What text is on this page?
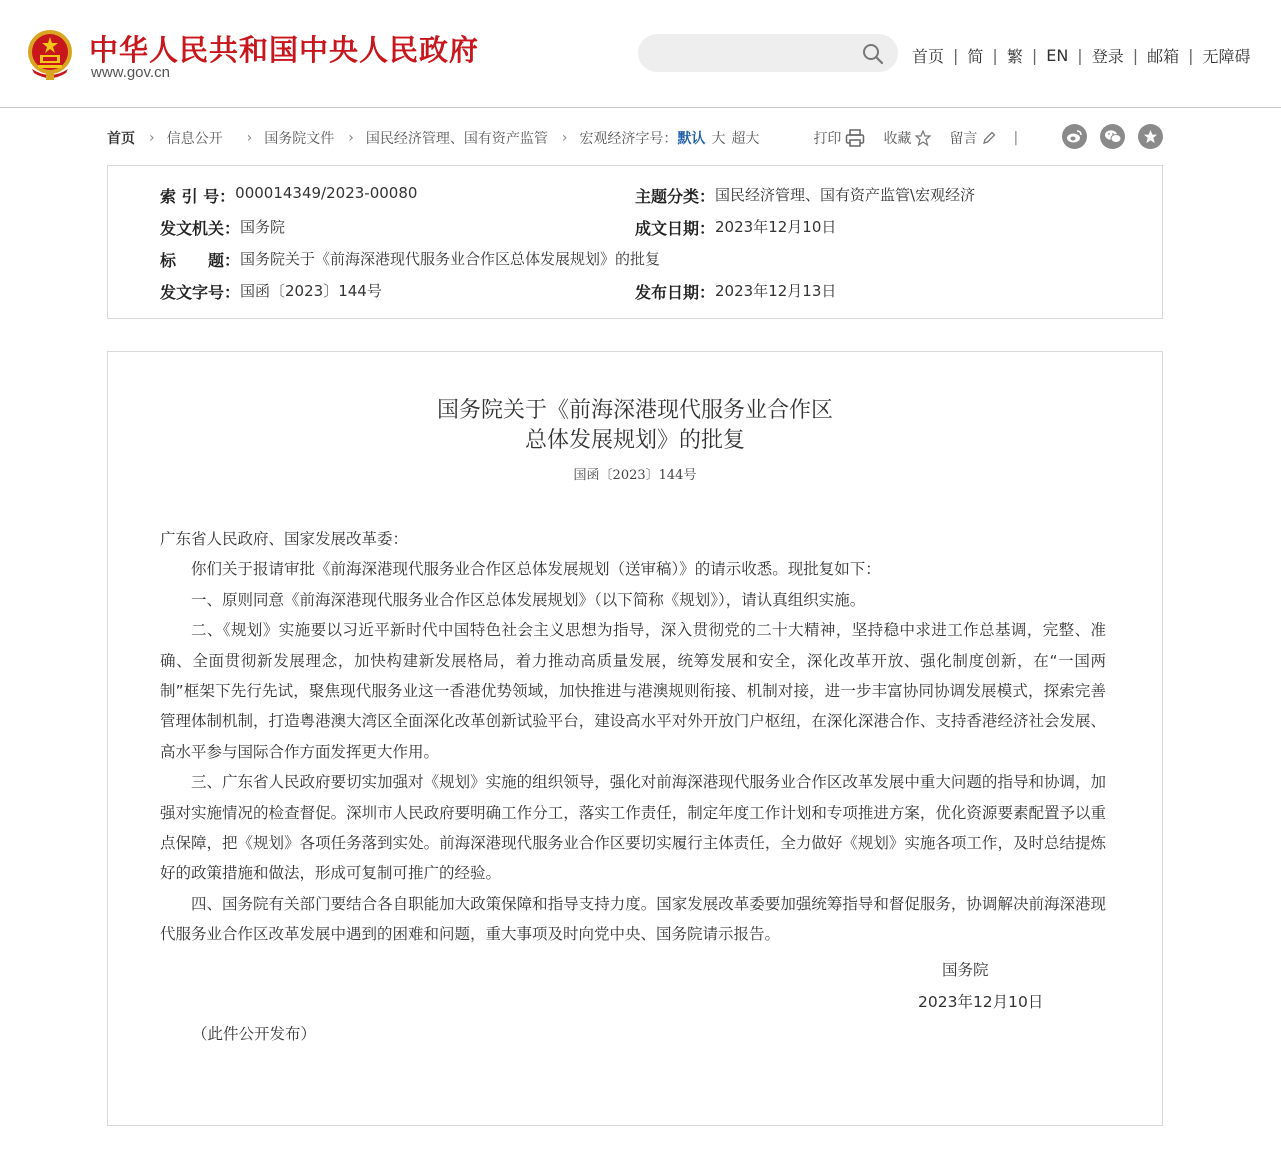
中华人民共和国中央人民政府
www.gov.cn
首页 | 简 | 繁 | EN | 登录 | 邮箱 | 无障碍
首页 › 信息公开 › 国务院文件 › 国民经济管理、国有资产监管 › 宏观经济 字号： 默认 大 超大	打印	收藏	留言	|
索 引 号： 000014349/2023-00080	主题分类： 国民经济管理、国有资产监管\宏观经济
发文机关： 国务院	成文日期： 2023年12月10日
标　　题： 国务院关于《前海深港现代服务业合作区总体发展规划》的批复
发文字号： 国函〔2023〕144号	发布日期： 2023年12月13日
国务院关于《前海深港现代服务业合作区
总体发展规划》的批复
国函〔2023〕144号

广东省人民政府、国家发展改革委：

你们关于报请审批《前海深港现代服务业合作区总体发展规划（送审稿）》的请示收悉。现批复如下：

一、原则同意《前海深港现代服务业合作区总体发展规划》（以下简称《规划》），请认真组织实施。

二、《规划》实施要以习近平新时代中国特色社会主义思想为指导，深入贯彻党的二十大精神，坚持稳中求进工作总基调，完整、准确、全面贯彻新发展理念，加快构建新发展格局，着力推动高质量发展，统筹发展和安全，深化改革开放、强化制度创新，在“一国两制”框架下先行先试，聚焦现代服务业这一香港优势领域，加快推进与港澳规则衔接、机制对接，进一步丰富协同协调发展模式，探索完善管理体制机制，打造粤港澳大湾区全面深化改革创新试验平台，建设高水平对外开放门户枢纽，在深化深港合作、支持香港经济社会发展、高水平参与国际合作方面发挥更大作用。

三、广东省人民政府要切实加强对《规划》实施的组织领导，强化对前海深港现代服务业合作区改革发展中重大问题的指导和协调，加强对实施情况的检查督促。深圳市人民政府要明确工作分工，落实工作责任，制定年度工作计划和专项推进方案，优化资源要素配置予以重点保障，把《规划》各项任务落到实处。前海深港现代服务业合作区要切实履行主体责任，全力做好《规划》实施各项工作，及时总结提炼好的政策措施和做法，形成可复制可推广的经验。

四、国务院有关部门要结合各自职能加大政策保障和指导支持力度。国家发展改革委要加强统筹指导和督促服务，协调解决前海深港现代服务业合作区改革发展中遇到的困难和问题，重大事项及时向党中央、国务院请示报告。

国务院
2023年12月10日
（此件公开发布）
